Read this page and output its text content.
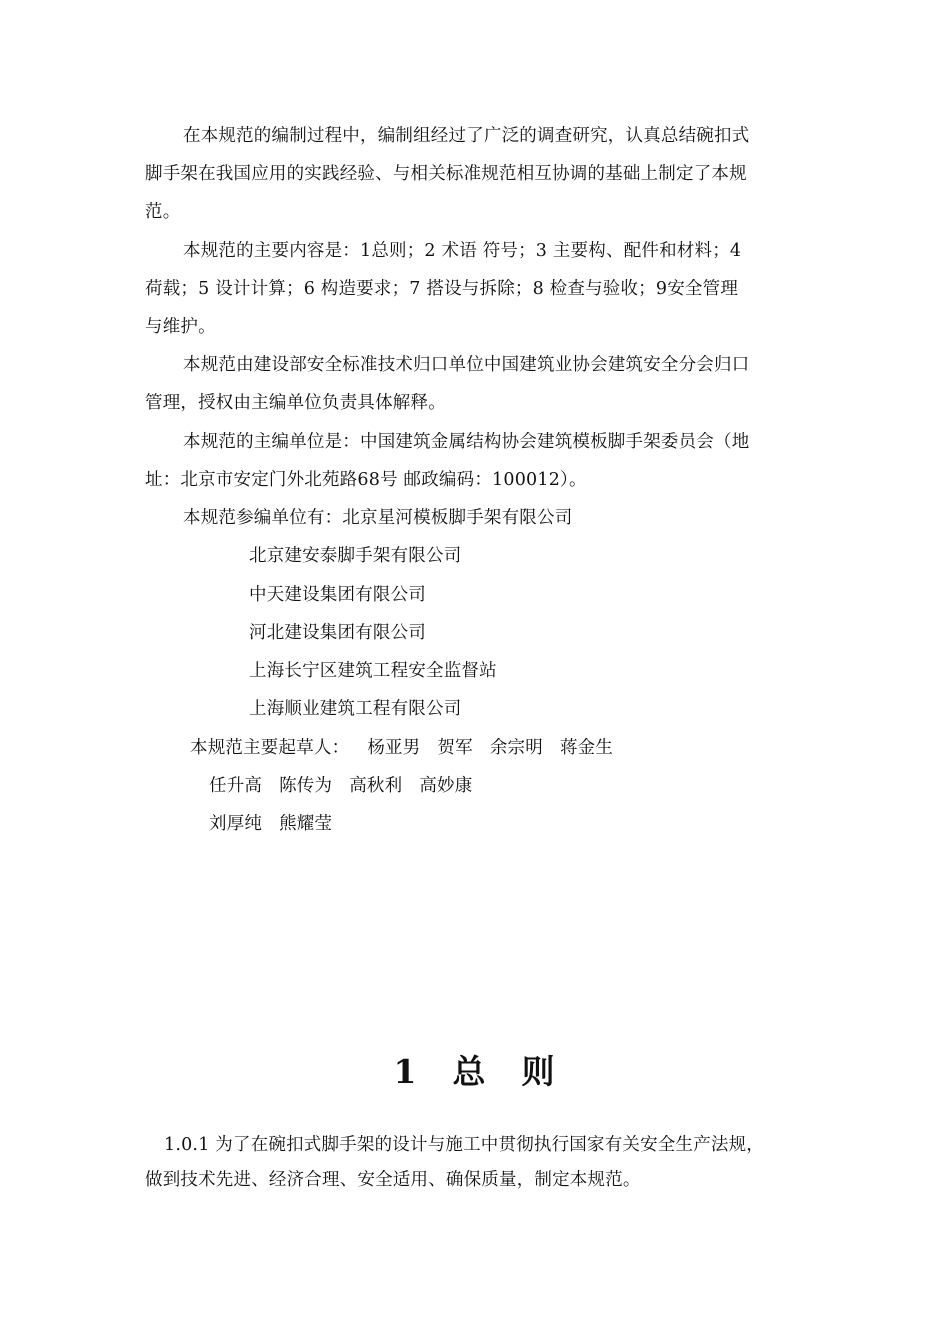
在本规范的编制过程中，编制组经过了广泛的调查研究，认真总结碗扣式
脚手架在我国应用的实践经验、与相关标准规范相互协调的基础上制定了本规
范。
本规范的主要内容是：1总则；2 术语 符号；3 主要构、配件和材料；4
荷载；5 设计计算；6 构造要求；7 搭设与拆除；8 检查与验收；9安全管理
与维护。
本规范由建设部安全标准技术归口单位中国建筑业协会建筑安全分会归口
管理，授权由主编单位负责具体解释。
本规范的主编单位是：中国建筑金属结构协会建筑模板脚手架委员会（地
址：北京市安定门外北苑路68号 邮政编码：100012）。
本规范参编单位有：北京星河模板脚手架有限公司
北京建安泰脚手架有限公司
中天建设集团有限公司
河北建设集团有限公司
上海长宁区建筑工程安全监督站
上海顺业建筑工程有限公司
本规范主要起草人： 杨亚男 贺军 余宗明 蒋金生
任升高 陈传为 高秋利 高妙康
刘厚纯 熊耀莹
1 总 则
1.0.1 为了在碗扣式脚手架的设计与施工中贯彻执行国家有关安全生产法规，
做到技术先进、经济合理、安全适用、确保质量，制定本规范。
